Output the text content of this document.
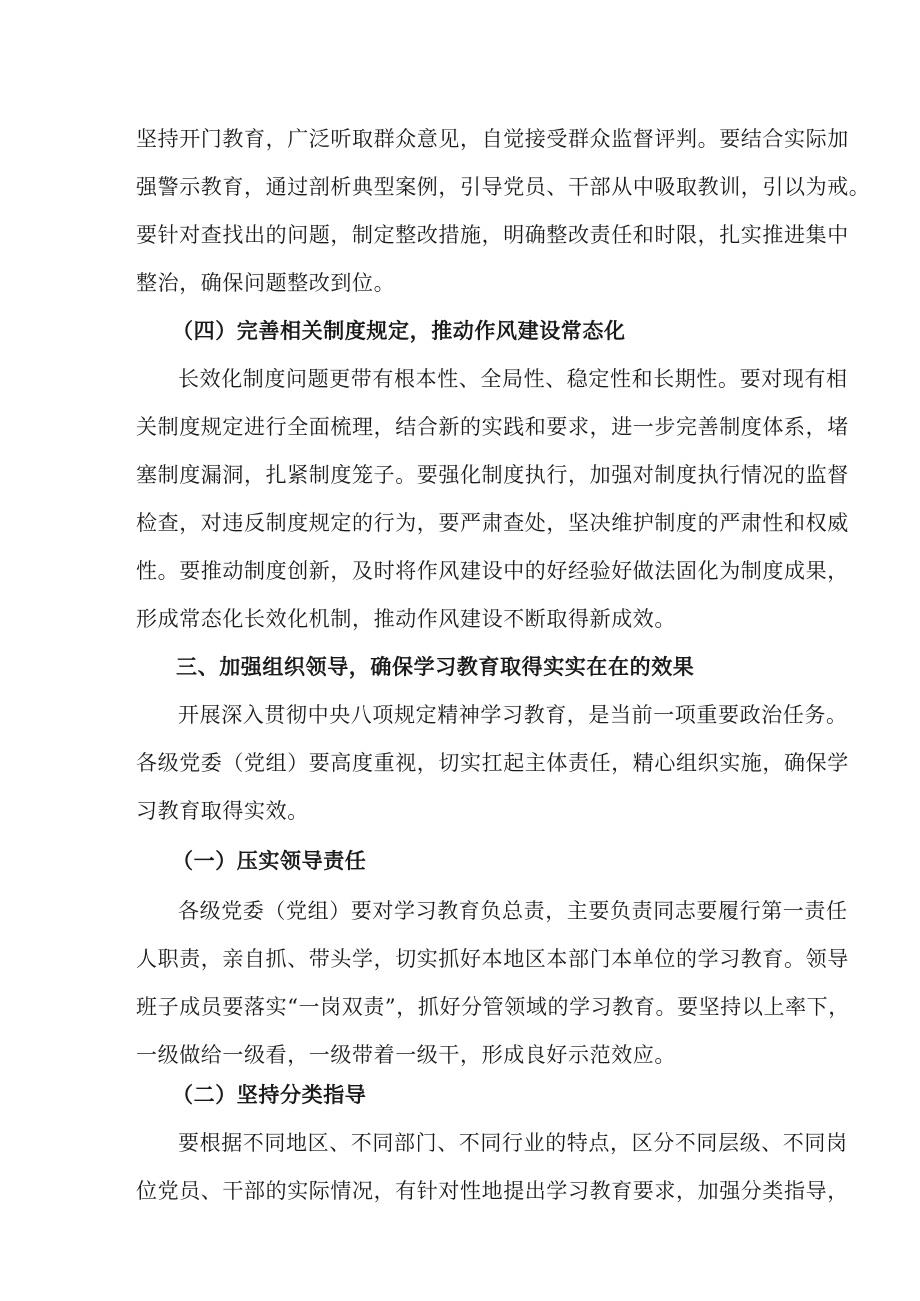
坚持开门教育，广泛听取群众意见，自觉接受群众监督评判。要结合实际加
强警示教育，通过剖析典型案例，引导党员、干部从中吸取教训，引以为戒。
要针对查找出的问题，制定整改措施，明确整改责任和时限，扎实推进集中
整治，确保问题整改到位。
（四）完善相关制度规定，推动作风建设常态化
长效化制度问题更带有根本性、全局性、稳定性和长期性。要对现有相
关制度规定进行全面梳理，结合新的实践和要求，进一步完善制度体系，堵
塞制度漏洞，扎紧制度笼子。要强化制度执行，加强对制度执行情况的监督
检查，对违反制度规定的行为，要严肃查处，坚决维护制度的严肃性和权威
性。要推动制度创新，及时将作风建设中的好经验好做法固化为制度成果，
形成常态化长效化机制，推动作风建设不断取得新成效。
三、加强组织领导，确保学习教育取得实实在在的效果
开展深入贯彻中央八项规定精神学习教育，是当前一项重要政治任务。
各级党委（党组）要高度重视，切实扛起主体责任，精心组织实施，确保学
习教育取得实效。
（一）压实领导责任
各级党委（党组）要对学习教育负总责，主要负责同志要履行第一责任
人职责，亲自抓、带头学，切实抓好本地区本部门本单位的学习教育。领导
班子成员要落实“一岗双责”，抓好分管领域的学习教育。要坚持以上率下，
一级做给一级看，一级带着一级干，形成良好示范效应。
（二）坚持分类指导
要根据不同地区、不同部门、不同行业的特点，区分不同层级、不同岗
位党员、干部的实际情况，有针对性地提出学习教育要求，加强分类指导，
